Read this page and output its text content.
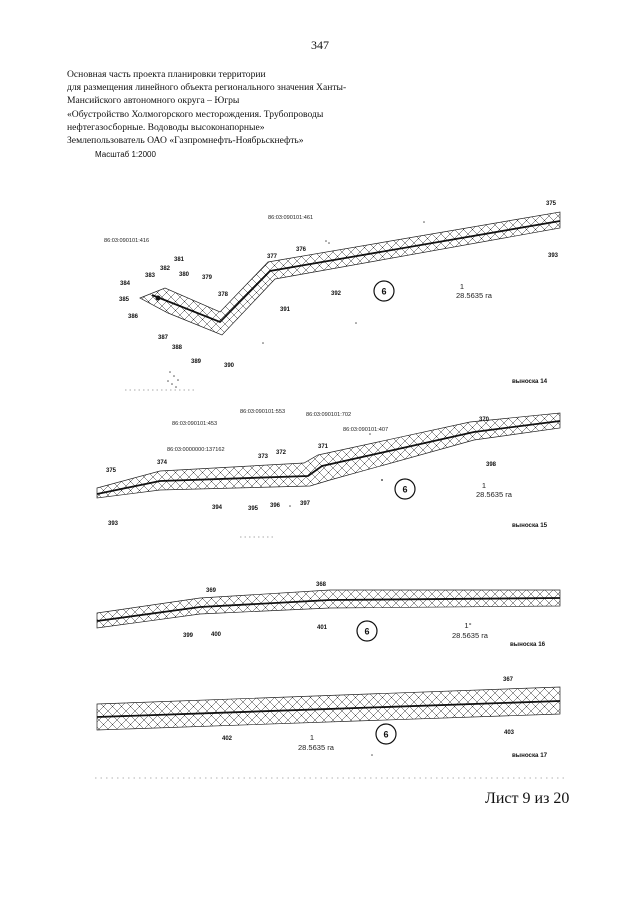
347
Основная часть проекта планировки территории
для размещения линейного объекта регионального значения Ханты-
Мансийского автономного округа – Югры
«Обустройство Холмогорского месторождения. Трубопроводы
нефтегазосборные. Водоводы высоконапорные»
Землепользователь ОАО «Газпромнефть-Ноябрьскнефть»
Масштаб 1:2000
6	1
28.5635 га
выноска 14
86:03:090101:461
86:03:090101:416
375
376
377
378
379
380
381
382
383
384
385
386
387
388
389
390
391
392
393
6	1
28.5635 га
выноска 15
86:03:090101:553	86:03:090101:702
86:03:090101:453
86:03:090101:407
86:03:0000000:137162
370
371
372
373
374
375
393
394	395 396	397
398
6
1°
28.5635 га
выноска 16
369
368
399	400
401
6
1
28.5635 га
выноска 17
367
402
403
Лист 9 из 20
